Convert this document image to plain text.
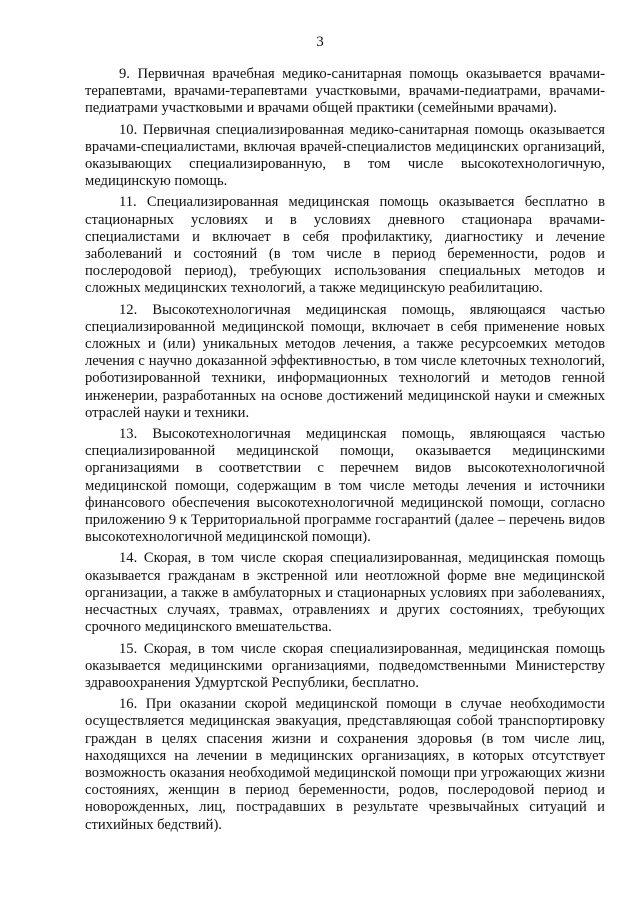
3

9. Первичная врачебная медико-санитарная помощь оказывается врачами-терапевтами, врачами-терапевтами участковыми, врачами-педиатрами, врачами-педиатрами участковыми и врачами общей практики (семейными врачами).

10. Первичная специализированная медико-санитарная помощь оказывается врачами-специалистами, включая врачей-специалистов медицинских организаций, оказывающих специализированную, в том числе высокотехнологичную, медицинскую помощь.

11. Специализированная медицинская помощь оказывается бесплатно в стационарных условиях и в условиях дневного стационара врачами-специалистами и включает в себя профилактику, диагностику и лечение заболеваний и состояний (в том числе в период беременности, родов и послеродовой период), требующих использования специальных методов и сложных медицинских технологий, а также медицинскую реабилитацию.

12. Высокотехнологичная медицинская помощь, являющаяся частью специализированной медицинской помощи, включает в себя применение новых сложных и (или) уникальных методов лечения, а также ресурсоемких методов лечения с научно доказанной эффективностью, в том числе клеточных технологий, роботизированной техники, информационных технологий и методов генной инженерии, разработанных на основе достижений медицинской науки и смежных отраслей науки и техники.

13. Высокотехнологичная медицинская помощь, являющаяся частью специализированной медицинской помощи, оказывается медицинскими организациями в соответствии с перечнем видов высокотехнологичной медицинской помощи, содержащим в том числе методы лечения и источники финансового обеспечения высокотехнологичной медицинской помощи, согласно приложению 9 к Территориальной программе госгарантий (далее – перечень видов высокотехнологичной медицинской помощи).

14. Скорая, в том числе скорая специализированная, медицинская помощь оказывается гражданам в экстренной или неотложной форме вне медицинской организации, а также в амбулаторных и стационарных условиях при заболеваниях, несчастных случаях, травмах, отравлениях и других состояниях, требующих срочного медицинского вмешательства.

15. Скорая, в том числе скорая специализированная, медицинская помощь оказывается медицинскими организациями, подведомственными Министерству здравоохранения Удмуртской Республики, бесплатно.

16. При оказании скорой медицинской помощи в случае необходимости осуществляется медицинская эвакуация, представляющая собой транспортировку граждан в целях спасения жизни и сохранения здоровья (в том числе лиц, находящихся на лечении в медицинских организациях, в которых отсутствует возможность оказания необходимой медицинской помощи при угрожающих жизни состояниях, женщин в период беременности, родов, послеродовой период и новорожденных, лиц, пострадавших в результате чрезвычайных ситуаций и стихийных бедствий).
